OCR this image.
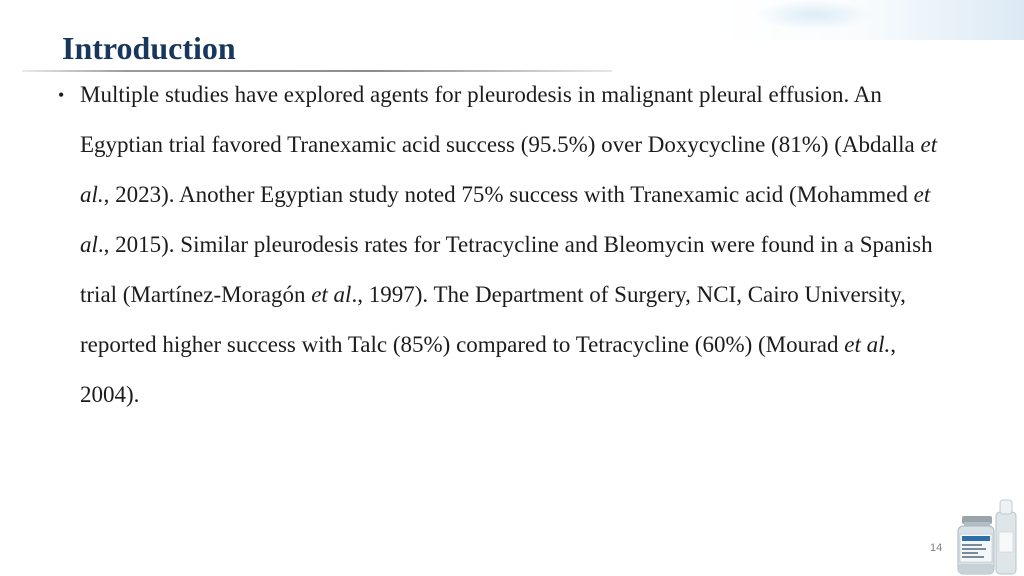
Introduction
• Multiple studies have explored agents for pleurodesis in malignant pleural effusion. An Egyptian trial favored Tranexamic acid success (95.5%) over Doxycycline (81%) (Abdalla et al., 2023). Another Egyptian study noted 75% success with Tranexamic acid (Mohammed et al., 2015). Similar pleurodesis rates for Tetracycline and Bleomycin were found in a Spanish trial (Martínez-Moragón et al., 1997). The Department of Surgery, NCI, Cairo University, reported higher success with Talc (85%) compared to Tetracycline (60%) (Mourad et al., 2004).
14
